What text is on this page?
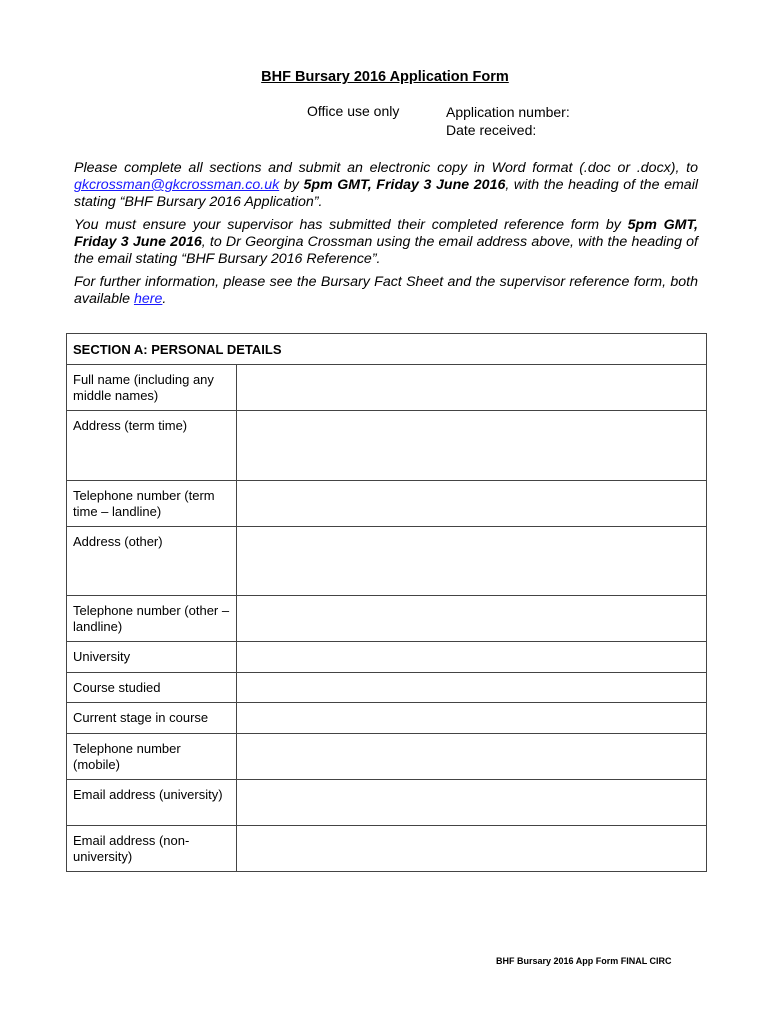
BHF Bursary 2016 Application Form
Office use only	Application number:
Date received:

Please complete all sections and submit an electronic copy in Word format (.doc or .docx), to gkcrossman@gkcrossman.co.uk by 5pm GMT, Friday 3 June 2016, with the heading of the email stating “BHF Bursary 2016 Application”.

You must ensure your supervisor has submitted their completed reference form by 5pm GMT, Friday 3 June 2016, to Dr Georgina Crossman using the email address above, with the heading of the email stating “BHF Bursary 2016 Reference”.

For further information, please see the Bursary Fact Sheet and the supervisor reference form, both available here.

SECTION A: PERSONAL DETAILS	
Full name (including any middle names)	
Address (term time)	
Telephone number (term time – landline)	
Address (other)	
Telephone number (other – landline)	
University	
Course studied	
Current stage in course	
Telephone number (mobile)	
Email address (university)	
Email address (non-university)	
BHF Bursary 2016 App Form FINAL CIRC
